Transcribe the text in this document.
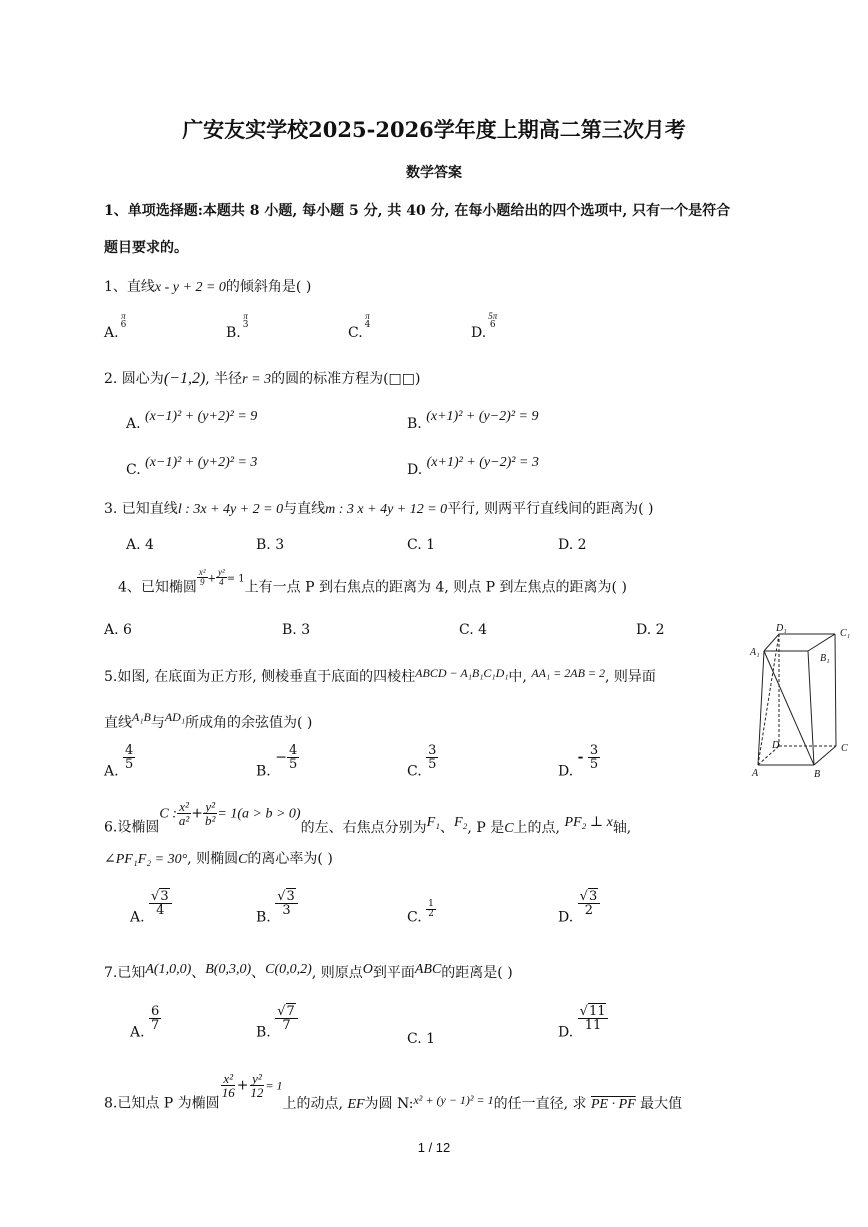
广安友实学校2025-2026学年度上期高二第三次月考
数学答案
1、单项选择题:本题共 8 小题, 每小题 5 分, 共 40 分, 在每小题给出的四个选项中, 只有一个是符合
题目要求的。
1、直线x - y + 2 = 0的倾斜角是( )
A.
π
6	B.
π
3	C.
π
4	D.
5π
6
2. 圆心为(−1,2), 半径r = 3的圆的标准方程为(□□)
A. (x−1)² + (y+2)² = 9	B. (x+1)² + (y−2)² = 9
C. (x−1)² + (y+2)² = 3	D. (x+1)² + (y−2)² = 3
3. 已知直线l : 3x + 4y + 2 = 0与直线m : 3 x + 4y + 12 = 0平行, 则两平行直线间的距离为( )
A. 4	B. 3	C. 1	D. 2
4、已知椭圆
$\frac{\text{x²}}{9} + \frac{\text{y²}}{4} = 1$上有一点 P 到右焦点的距离为 4, 则点 P 到左焦点的距离为( )
A. 6	B. 3	C. 4	D. 2
5.如图, 在底面为正方形, 侧棱垂直于底面的四棱柱ABCD − A₁B₁C₁D₁中, AA₁ = 2AB = 2, 则异面
直线A₁B与AD₁所成角的余弦值为( )
A.
$\frac{4}{5}$
B. − $\frac{4}{5}$
C.
$\frac{3}{5}$
D. - $\frac{3}{5}$
D₁	C₁
A₁
B₁
D	C
A	B
6.设椭圆C : $\frac{\text{x²}}{\text{a²}} + \frac{\text{y²}}{\text{b²}} = 1(a > b > 0)$的左、右焦点分别为F₁、F₂, P 是C上的点, PF₂ ⊥ x轴,
∠PF₁F₂ = 30°, 则椭圆C的离心率为( )
A.
$\frac{√3}{4}$
B.
$\frac{√3}{3}$
C. $\frac{1}{2}$	D.
$\frac{√3}{2}$
7.已知A(1,0,0)、B(0,3,0)、C(0,0,2), 则原点O到平面ABC的距离是( )
A.
$\frac{6}{7}$
B.
$\frac{√7}{7}$
C. 1	D.
$\frac{√11}{11}$
8.已知点 P 为椭圆
$\frac{\text{x²}}{16} + \frac{\text{y²}}{12} = 1$上的动点, EF为圆 N:x² + (y − 1)² = 1的任一直径, 求 PE · PF 最大值
1 / 12
